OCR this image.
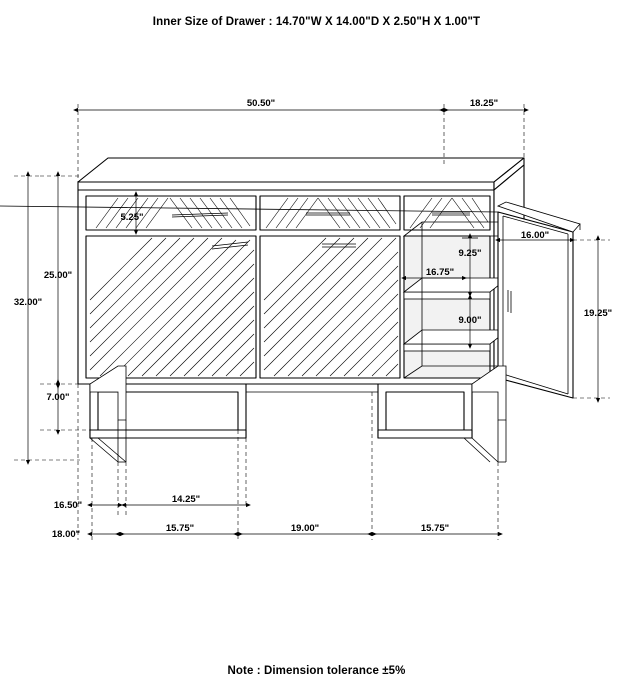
Inner Size of Drawer : 14.70"W X 14.00"D X 2.50"H X 1.00"T
50.50"	18.25"
5.25"
25.00"
32.00"
7.00"
9.25"
16.75"
9.00"
16.00"
19.25"
16.50"
14.25"
18.00"
15.75"	19.00"	15.75"
Note : Dimension tolerance ±5%
